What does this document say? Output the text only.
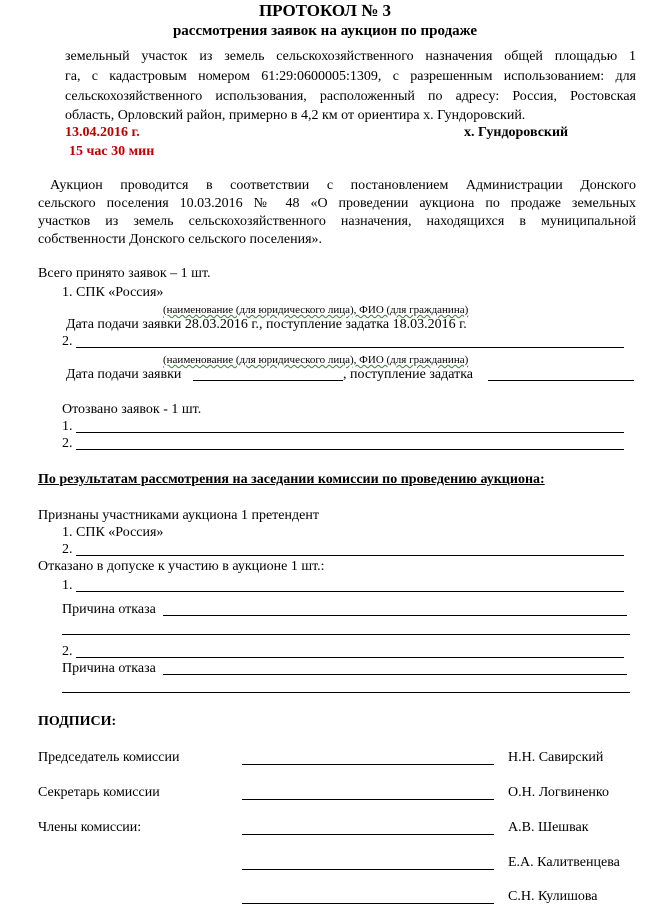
ПРОТОКОЛ № 3
рассмотрения заявок на аукцион по продаже
земельный участок из земель сельскохозяйственного назначения общей площадью 1
га, с кадастровым номером 61:29:0600005:1309, с разрешенным использованием: для
сельскохозяйственного использования, расположенный по адресу: Россия, Ростовская
область, Орловский район, примерно в 4,2 км от ориентира х. Гундоровский.
13.04.2016 г.	х. Гундоровский
15 час 30 мин
Аукцион проводится в соответствии с постановлением Администрации Донского
сельского поселения 10.03.2016 № 48 «О проведении аукциона по продаже земельных
участков из земель сельскохозяйственного назначения, находящихся в муниципальной
собственности Донского сельского поселения».
Всего принято заявок – 1 шт.
1. СПК «Россия»
(наименование (для юридического лица), ФИО (для гражданина)
Дата подачи заявки 28.03.2016 г., поступление задатка 18.03.2016 г.
2.
(наименование (для юридического лица), ФИО (для гражданина)
Дата подачи заявки	, поступление задатка
Отозвано заявок - 1 шт.
1.
2.
По результатам рассмотрения на заседании комиссии по проведению аукциона:
Признаны участниками аукциона 1 претендент
1. СПК «Россия»
2.
Отказано в допуске к участию в аукционе 1 шт.:
1.
Причина отказа
2.
Причина отказа
ПОДПИСИ:
Председатель комиссии	Н.Н. Савирский
Секретарь комиссии	О.Н. Логвиненко
Члены комиссии:	А.В. Шешвак
Е.А. Калитвенцева
С.Н. Кулишова
